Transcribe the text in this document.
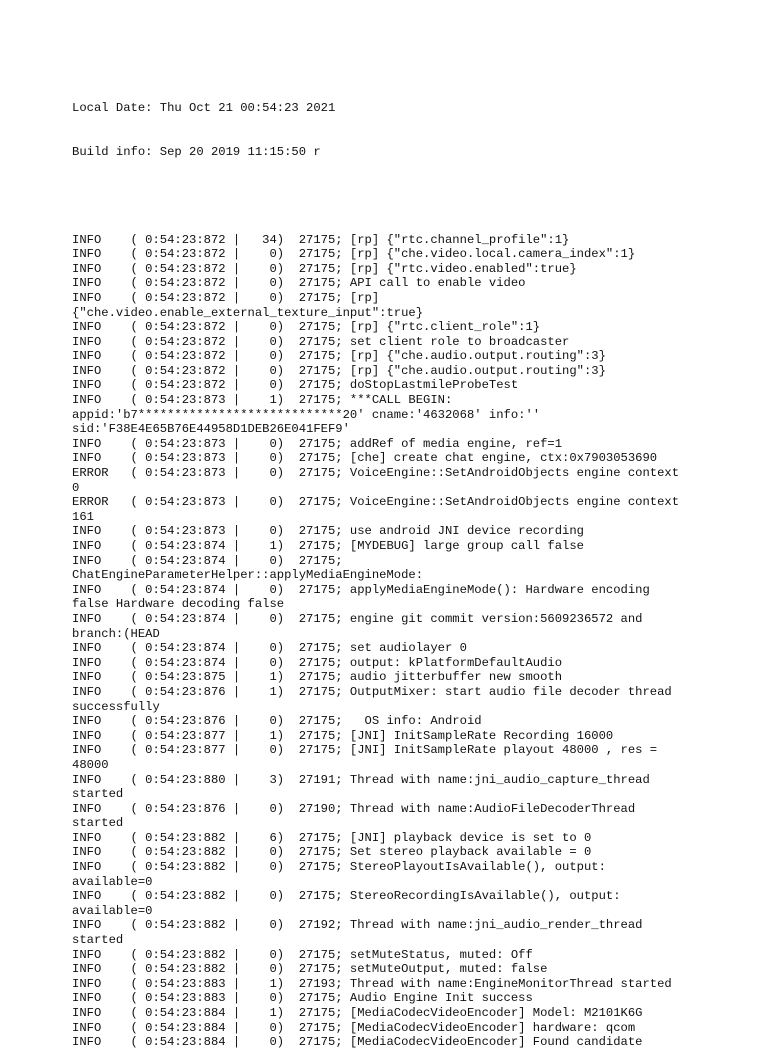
Local Date: Thu Oct 21 00:54:23 2021

Build info: Sep 20 2019 11:15:50 r

INFO    ( 0:54:23:872 |   34)  27175; [rp] {"rtc.channel_profile":1}
INFO    ( 0:54:23:872 |    0)  27175; [rp] {"che.video.local.camera_index":1}
INFO    ( 0:54:23:872 |    0)  27175; [rp] {"rtc.video.enabled":true}
INFO    ( 0:54:23:872 |    0)  27175; API call to enable video
INFO    ( 0:54:23:872 |    0)  27175; [rp]
{"che.video.enable_external_texture_input":true}
INFO    ( 0:54:23:872 |    0)  27175; [rp] {"rtc.client_role":1}
INFO    ( 0:54:23:872 |    0)  27175; set client role to broadcaster
INFO    ( 0:54:23:872 |    0)  27175; [rp] {"che.audio.output.routing":3}
INFO    ( 0:54:23:872 |    0)  27175; [rp] {"che.audio.output.routing":3}
INFO    ( 0:54:23:872 |    0)  27175; doStopLastmileProbeTest
INFO    ( 0:54:23:873 |    1)  27175; ***CALL BEGIN:
appid:'b7****************************20' cname:'4632068' info:''
sid:'F38E4E65B76E44958D1DEB26E041FEF9'
INFO    ( 0:54:23:873 |    0)  27175; addRef of media engine, ref=1
INFO    ( 0:54:23:873 |    0)  27175; [che] create chat engine, ctx:0x7903053690
ERROR   ( 0:54:23:873 |    0)  27175; VoiceEngine::SetAndroidObjects engine context
0
ERROR   ( 0:54:23:873 |    0)  27175; VoiceEngine::SetAndroidObjects engine context
161
INFO    ( 0:54:23:873 |    0)  27175; use android JNI device recording
INFO    ( 0:54:23:874 |    1)  27175; [MYDEBUG] large group call false
INFO    ( 0:54:23:874 |    0)  27175;
ChatEngineParameterHelper::applyMediaEngineMode:
INFO    ( 0:54:23:874 |    0)  27175; applyMediaEngineMode(): Hardware encoding
false Hardware decoding false
INFO    ( 0:54:23:874 |    0)  27175; engine git commit version:5609236572 and
branch:(HEAD
INFO    ( 0:54:23:874 |    0)  27175; set audiolayer 0
INFO    ( 0:54:23:874 |    0)  27175; output: kPlatformDefaultAudio
INFO    ( 0:54:23:875 |    1)  27175; audio jitterbuffer new smooth
INFO    ( 0:54:23:876 |    1)  27175; OutputMixer: start audio file decoder thread
successfully
INFO    ( 0:54:23:876 |    0)  27175;   OS info: Android
INFO    ( 0:54:23:877 |    1)  27175; [JNI] InitSampleRate Recording 16000
INFO    ( 0:54:23:877 |    0)  27175; [JNI] InitSampleRate playout 48000 , res =
48000
INFO    ( 0:54:23:880 |    3)  27191; Thread with name:jni_audio_capture_thread
started
INFO    ( 0:54:23:876 |    0)  27190; Thread with name:AudioFileDecoderThread
started
INFO    ( 0:54:23:882 |    6)  27175; [JNI] playback device is set to 0
INFO    ( 0:54:23:882 |    0)  27175; Set stereo playback available = 0
INFO    ( 0:54:23:882 |    0)  27175; StereoPlayoutIsAvailable(), output:
available=0
INFO    ( 0:54:23:882 |    0)  27175; StereoRecordingIsAvailable(), output:
available=0
INFO    ( 0:54:23:882 |    0)  27192; Thread with name:jni_audio_render_thread
started
INFO    ( 0:54:23:882 |    0)  27175; setMuteStatus, muted: Off
INFO    ( 0:54:23:882 |    0)  27175; setMuteOutput, muted: false
INFO    ( 0:54:23:883 |    1)  27193; Thread with name:EngineMonitorThread started
INFO    ( 0:54:23:883 |    0)  27175; Audio Engine Init success
INFO    ( 0:54:23:884 |    1)  27175; [MediaCodecVideoEncoder] Model: M2101K6G
INFO    ( 0:54:23:884 |    0)  27175; [MediaCodecVideoEncoder] hardware: qcom
INFO    ( 0:54:23:884 |    0)  27175; [MediaCodecVideoEncoder] Found candidate
